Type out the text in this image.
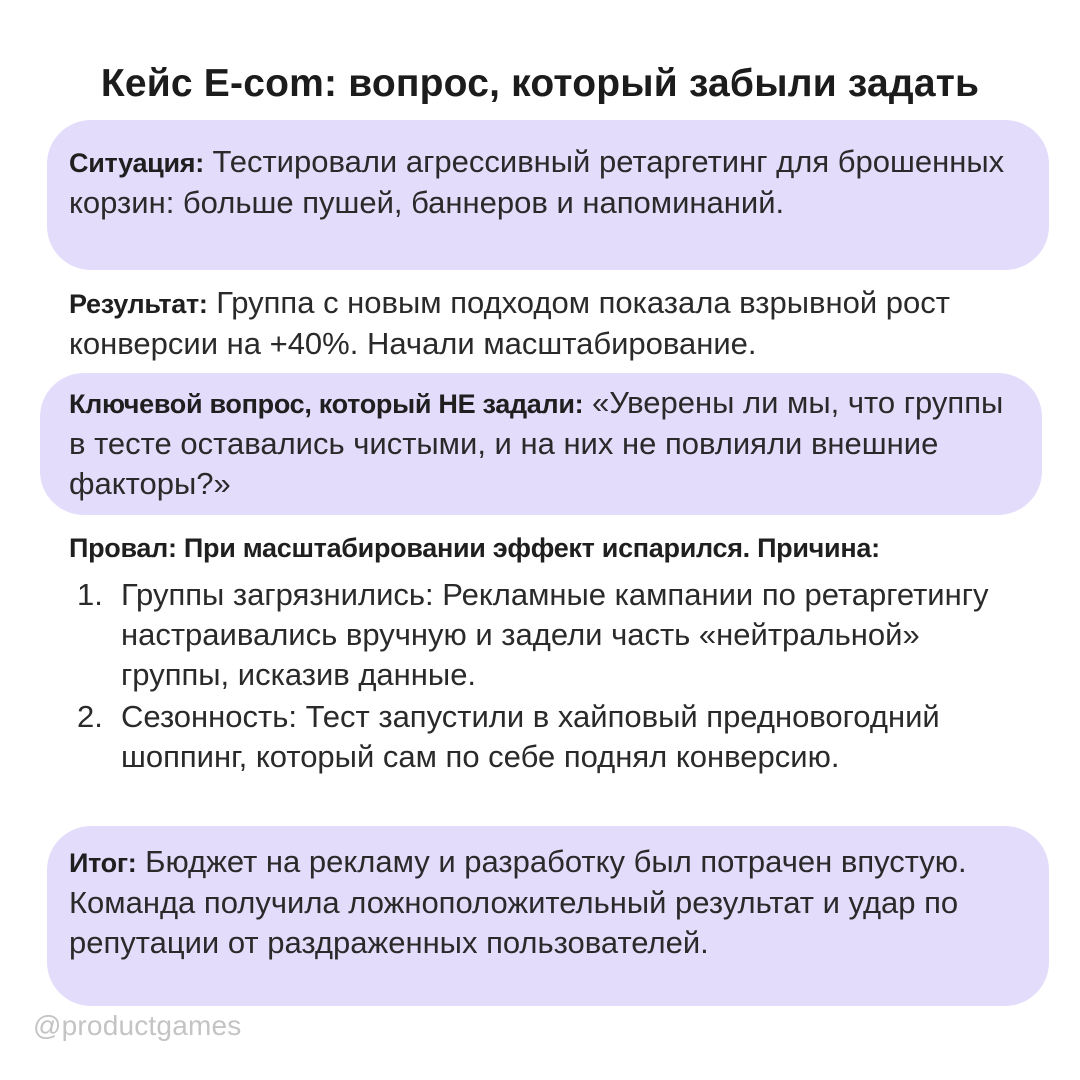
Кейс E-com: вопрос, который забыли задать
Ситуация: Тестировали агрессивный ретаргетинг для брошенных корзин: больше пушей, баннеров и напоминаний.
Результат: Группа с новым подходом показала взрывной рост конверсии на +40%. Начали масштабирование.
Ключевой вопрос, который НЕ задали: «Уверены ли мы, что группы в тесте оставались чистыми, и на них не повлияли внешние факторы?»
Провал: При масштабировании эффект испарился. Причина:
1. Группы загрязнились: Рекламные кампании по ретаргетингу настраивались вручную и задели часть «нейтральной» группы, исказив данные.
2. Сезонность: Тест запустили в хайповый предновогодний шоппинг, который сам по себе поднял конверсию.
Итог: Бюджет на рекламу и разработку был потрачен впустую. Команда получила ложноположительный результат и удар по репутации от раздраженных пользователей.
@productgames
